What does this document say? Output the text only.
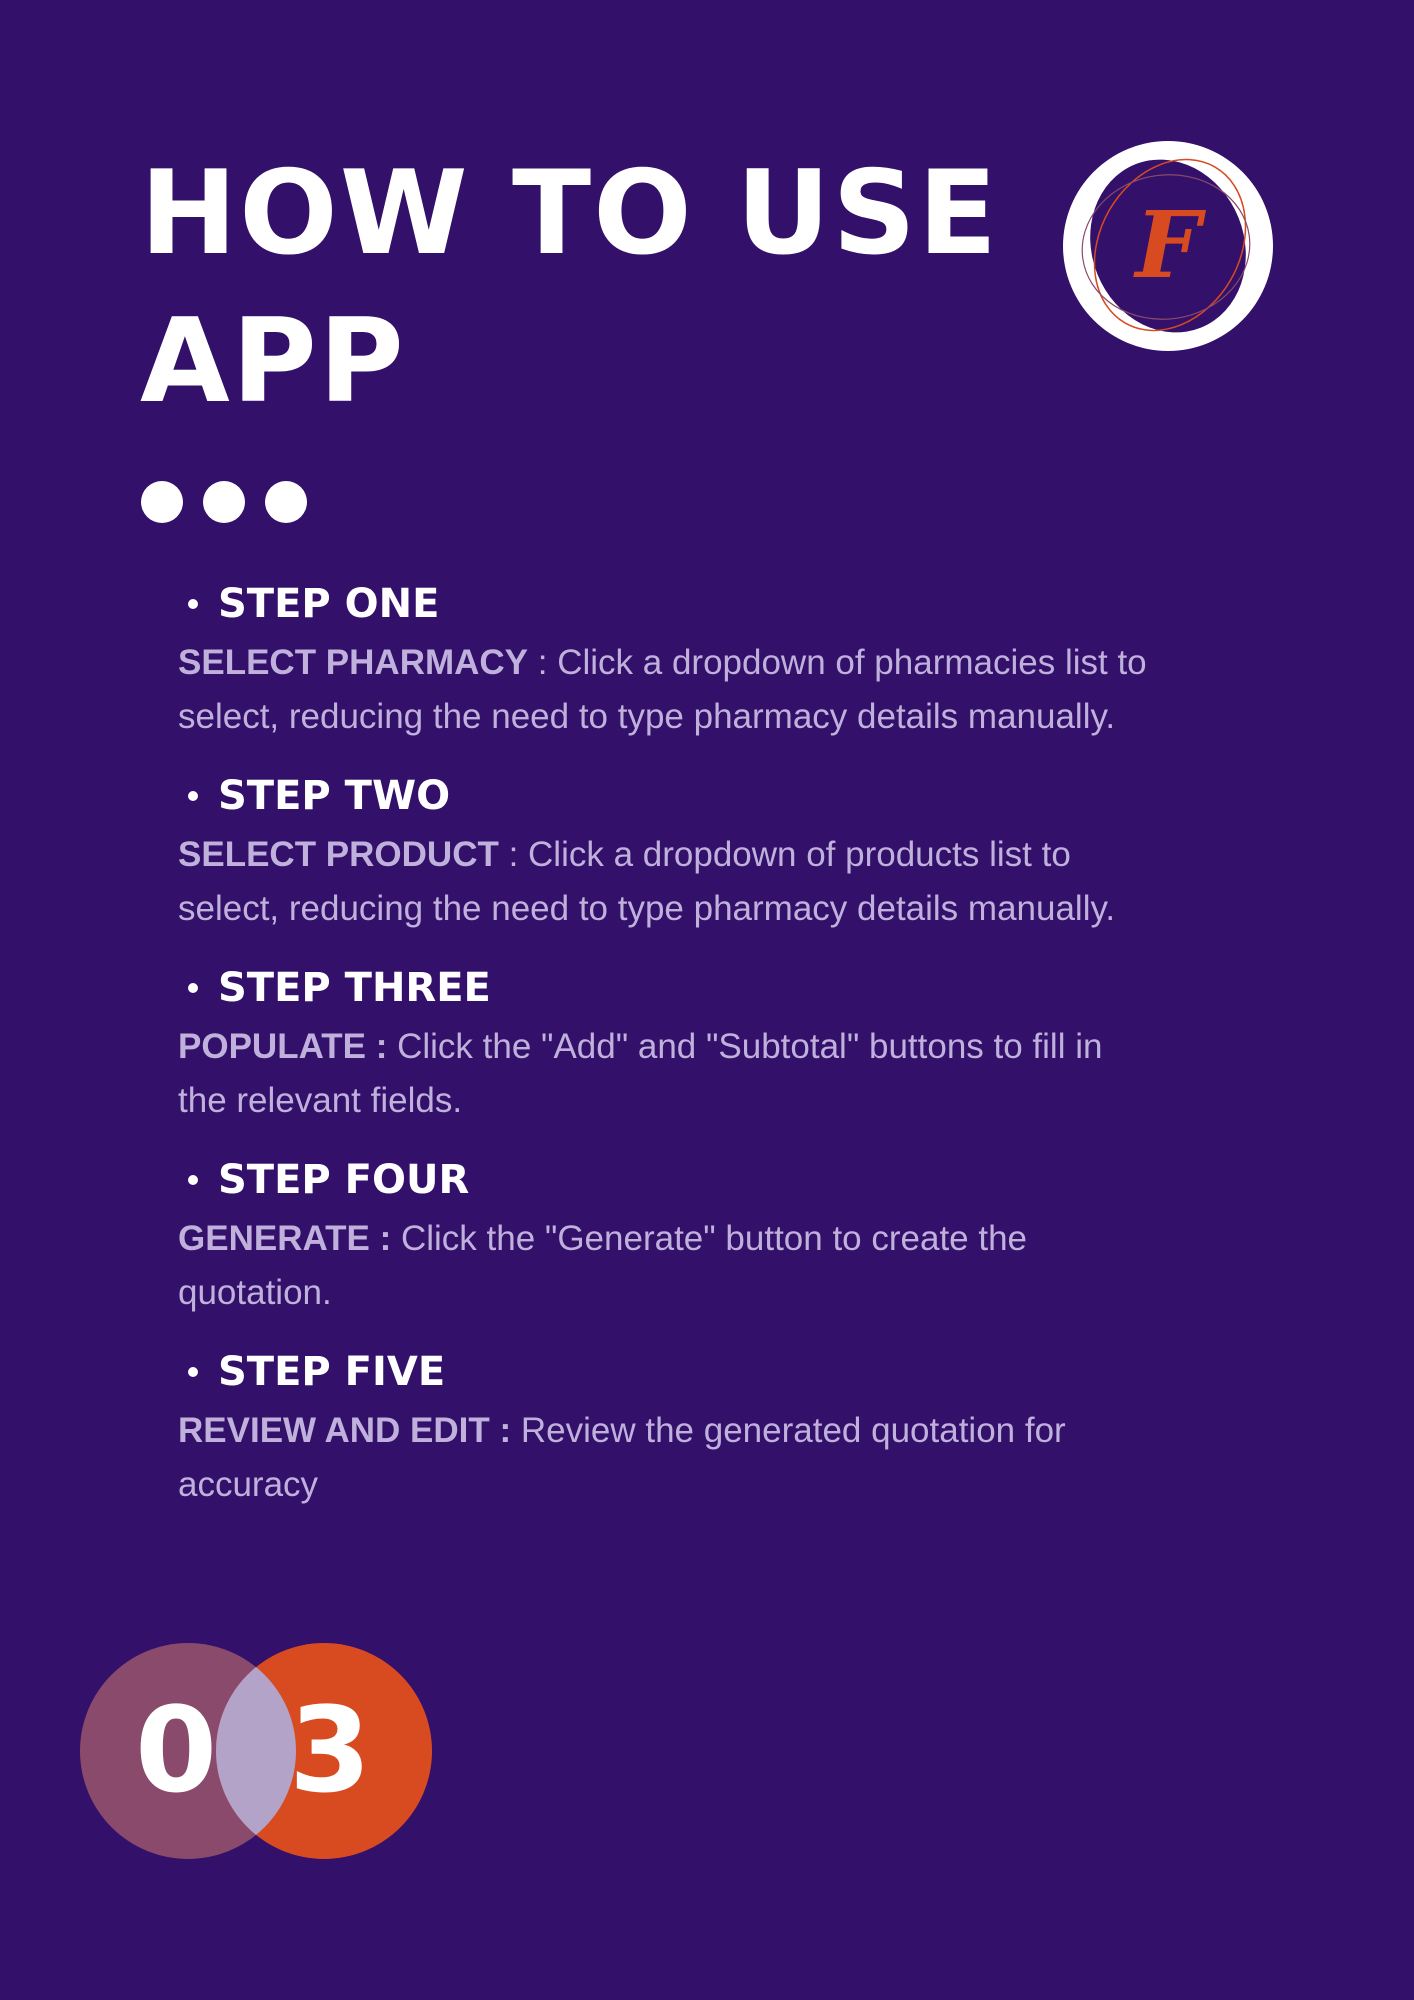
HOW TO USE
APP
F
STEP ONE

SELECT PHARMACY : Click a dropdown of pharmacies list to select, reducing the need to type pharmacy details manually.

STEP TWO

SELECT PRODUCT : Click a dropdown of products list to select, reducing the need to type pharmacy details manually.

STEP THREE

POPULATE : Click the "Add" and "Subtotal" buttons to fill in the relevant fields.

STEP FOUR

GENERATE : Click the "Generate" button to create the quotation.

STEP FIVE

REVIEW AND EDIT : Review the generated quotation for accuracy

0 3
